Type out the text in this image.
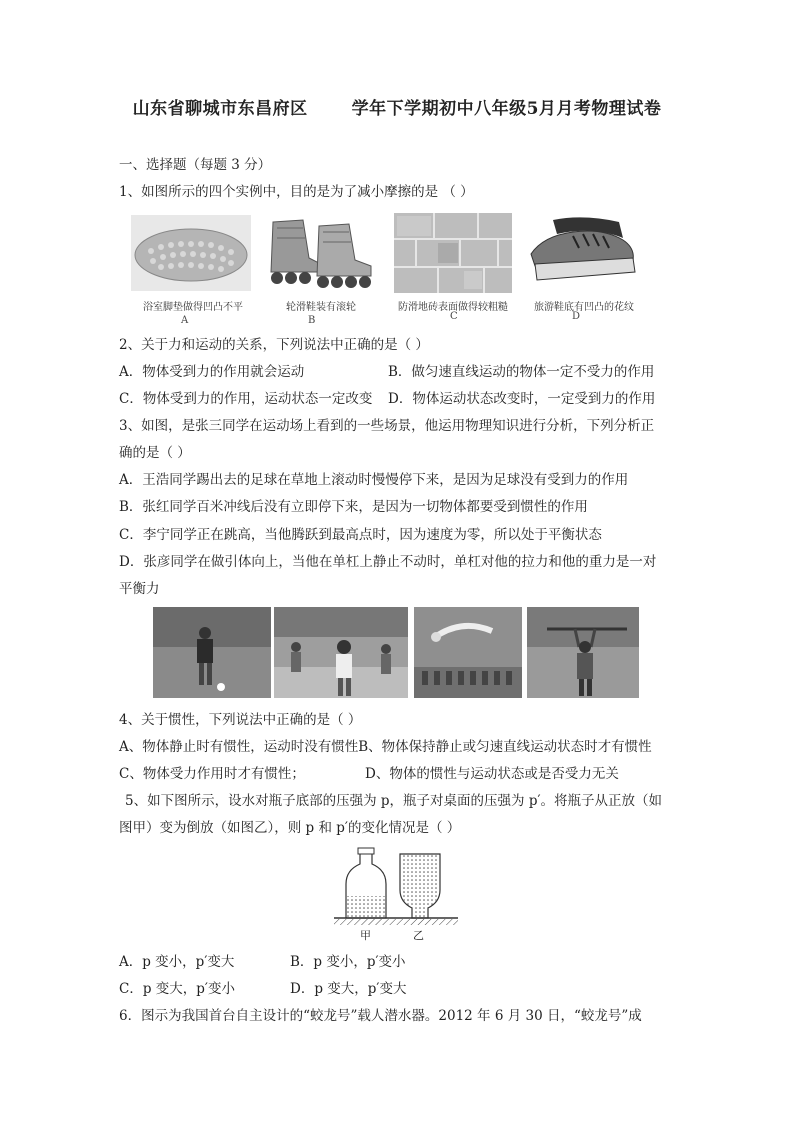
山东省聊城市东昌府区	学年下学期初中八年级5月月考物理试卷
一、选择题（每题 3 分）
1、如图所示的四个实例中，目的是为了减小摩擦的是 （ ）
浴室脚垫做得凹凸不平
A
轮滑鞋装有滚轮
B
防滑地砖表面做得较粗糙
C
旅游鞋底有凹凸的花纹
D
2、关于力和运动的关系，下列说法中正确的是（ ）
A．物体受到力的作用就会运动	B．做匀速直线运动的物体一定不受力的作用
C．物体受到力的作用，运动状态一定改变 D．物体运动状态改变时，一定受到力的作用
3、如图，是张三同学在运动场上看到的一些场景，他运用物理知识进行分析，下列分析正
确的是（ ）
A．王浩同学踢出去的足球在草地上滚动时慢慢停下来，是因为足球没有受到力的作用
B．张红同学百米冲线后没有立即停下来，是因为一切物体都要受到惯性的作用
C．李宁同学正在跳高，当他腾跃到最高点时，因为速度为零，所以处于平衡状态
D．张彦同学在做引体向上，当他在单杠上静止不动时，单杠对他的拉力和他的重力是一对
平衡力
4、关于惯性，下列说法中正确的是（ ）
A、物体静止时有惯性，运动时没有惯性B、物体保持静止或匀速直线运动状态时才有惯性
C、物体受力作用时才有惯性；	D、物体的惯性与运动状态或是否受力无关
5、如下图所示，设水对瓶子底部的压强为 p，瓶子对桌面的压强为 p′。将瓶子从正放（如
图甲）变为倒放（如图乙），则 p 和 p′的变化情况是（ ）
甲	乙
A．p 变小，p′变大	B．p 变小，p′变小
C．p 变大，p′变小	D．p 变大，p′变大
6．图示为我国首台自主设计的“蛟龙号”载人潜水器。2012 年 6 月 30 日，“蛟龙号”成
